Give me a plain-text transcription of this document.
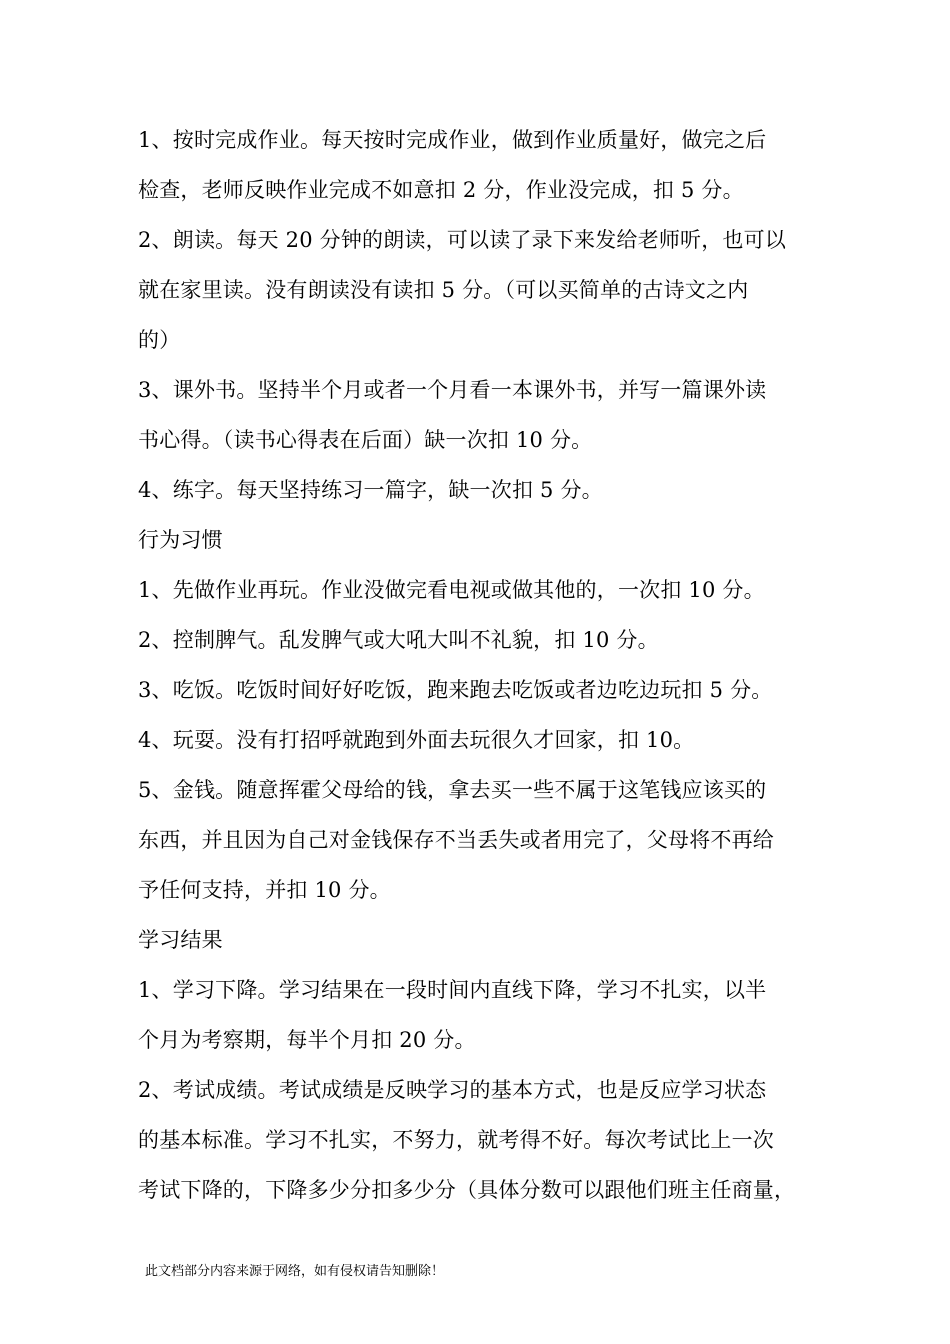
1、按时完成作业。每天按时完成作业，做到作业质量好，做完之后
检查，老师反映作业完成不如意扣 2 分，作业没完成，扣 5 分。
2、朗读。每天 20 分钟的朗读，可以读了录下来发给老师听，也可以
就在家里读。没有朗读没有读扣 5 分。（可以买简单的古诗文之内
的）
3、课外书。坚持半个月或者一个月看一本课外书，并写一篇课外读
书心得。（读书心得表在后面）缺一次扣 10 分。
4、练字。每天坚持练习一篇字，缺一次扣 5 分。
行为习惯
1、先做作业再玩。作业没做完看电视或做其他的，一次扣 10 分。
2、控制脾气。乱发脾气或大吼大叫不礼貌，扣 10 分。
3、吃饭。吃饭时间好好吃饭，跑来跑去吃饭或者边吃边玩扣 5 分。
4、玩耍。没有打招呼就跑到外面去玩很久才回家，扣 10。
5、金钱。随意挥霍父母给的钱，拿去买一些不属于这笔钱应该买的
东西，并且因为自己对金钱保存不当丢失或者用完了，父母将不再给
予任何支持，并扣 10 分。
学习结果
1、学习下降。学习结果在一段时间内直线下降，学习不扎实，以半
个月为考察期，每半个月扣 20 分。
2、考试成绩。考试成绩是反映学习的基本方式，也是反应学习状态
的基本标准。学习不扎实，不努力，就考得不好。每次考试比上一次
考试下降的，下降多少分扣多少分（具体分数可以跟他们班主任商量，
此文档部分内容来源于网络，如有侵权请告知删除！
